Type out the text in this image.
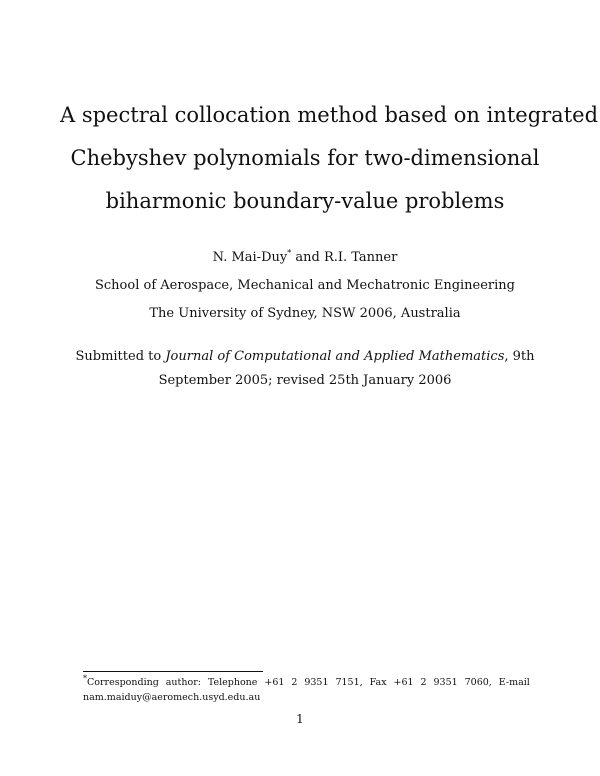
A spectral collocation method based on integrated
Chebyshev polynomials for two-dimensional
biharmonic boundary-value problems
N. Mai-Duy* and R.I. Tanner
School of Aerospace, Mechanical and Mechatronic Engineering
The University of Sydney, NSW 2006, Australia
Submitted to Journal of Computational and Applied Mathematics, 9th
September 2005; revised 25th January 2006
*Corresponding author: Telephone +61 2 9351 7151, Fax +61 2 9351 7060, E-mail
nam.maiduy@aeromech.usyd.edu.au
1
